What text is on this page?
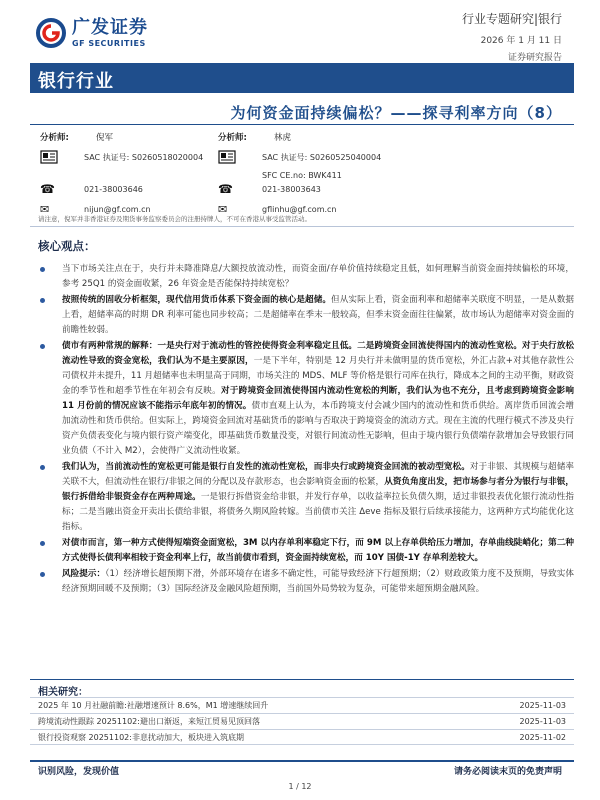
广发证券
GF SECURITIES
行业专题研究|银行
2026 年 1 月 11 日
证券研究报告
银行行业
为何资金面持续偏松？——探寻利率方向（8）
分析师:	倪军
SAC 执证号: S0260518020004
☎	021-38003646
✉	nijun@gf.com.cn
分析师:	林虎
SAC 执证号: S0260525040004
SFC CE.no: BWK411
☎	021-38003643
✉	gflinhu@gf.com.cn
请注意，倪军并非香港证券及期货事务监察委员会的注册持牌人，不可在香港从事受监管活动。
核心观点：
当下市场关注点在于，央行并未降准降息/大额投放流动性，而资金面/存单价值持续稳定且低，如何理解当前资金面持续偏松的环境，参考 25Q1 的资金面收紧，26 年资金是否能保持持续宽松？
按照传统的固收分析框架，现代信用货币体系下资金面的核心是超储。但从实际上看，资金面利率和超储率关联度不明显，一是从数据上看，超储率高的时期 DR 利率可能也同步较高；二是超储率在季末一般较高，但季末资金面往往偏紧，故市场认为超储率对资金面的前瞻性较弱。
债市有两种常规的解释：一是央行对于流动性的管控使得资金利率稳定且低。二是跨境资金回流使得国内的流动性宽松。对于央行放松流动性导致的资金宽松，我们认为不是主要原因，一是下半年，特别是 12 月央行并未做明显的货币宽松，外汇占款+对其他存款性公司债权并未提升，11 月超储率也未明显高于同期，市场关注的 MDS、MLF 等价格是银行司库在执行，降成本之间的主动平衡，财政资金的季节性和超季节性在年初会有反映。对于跨境资金回流使得国内流动性宽松的判断，我们认为也不充分，且考虑到跨境资金影响 11 月份前的情况应该不能指示年底年初的情况。债市直观上认为，本币跨境支付会减少国内的流动性和货币供给。离岸货币回流会增加流动性和货币供给。但实际上，跨境资金回流对基础货币的影响与否取决于跨境资金的流动方式。现在主流的代理行模式不涉及央行资产负债表变化与境内银行资产端变化，即基础货币数量没变，对银行间流动性无影响，但由于境内银行负债端存款增加会导致银行同业负债（不计入 M2），会使得广义流动性收紧。
我们认为，当前流动性的宽松更可能是银行自发性的流动性宽松，而非央行或跨境资金回流的被动型宽松。对于非银、其规模与超储率关联不大，但流动性在银行/非银之间的分配以及存款形态，也会影响资金面的松紧，从资负角度出发，把市场参与者分为银行与非银，银行拆借给非银资金存在两种周途。一是银行拆借资金给非银，并发行存单，以收益率拉长负债久期，适过非银投表优化银行流动性指标；二是当融出资金开卖出长债给非银，将债务久期风险转嫁。当前债市关注 Δeve 指标及银行后续承接能力，这两种方式均能优化这指标。
对债市而言，第一种方式使得短端资金面宽松，3M 以内存单利率稳定下行，而 9M 以上存单供给压力增加，存单曲线陡峭化；第二种方式使得长债利率相较于资金利率上行，故当前债市看到，资金面持续宽松，而 10Y 国债-1Y 存单利差较大。
风险提示：（1）经济增长超预期下滑，外部环境存在诸多不确定性，可能导致经济下行超预期；（2）财政政策力度不及预期，导致实体经济预期回暖不及预期；（3）国际经济及金融风险超预期，当前国外局势较为复杂，可能带来超预期金融风险。
相关研究：
2025 年 10 月社融前瞻:社融增速预计 8.6%，M1 增速继续回升	2025-11-03
跨境流动性跟踪 20251102:避出口渐返，来短江贸易见顶回落	2025-11-03
银行投资观察 20251102:非息扰动加大，板块进入筑底期	2025-11-02
识别风险，发现价值	请务必阅读末页的免责声明
1 / 12
